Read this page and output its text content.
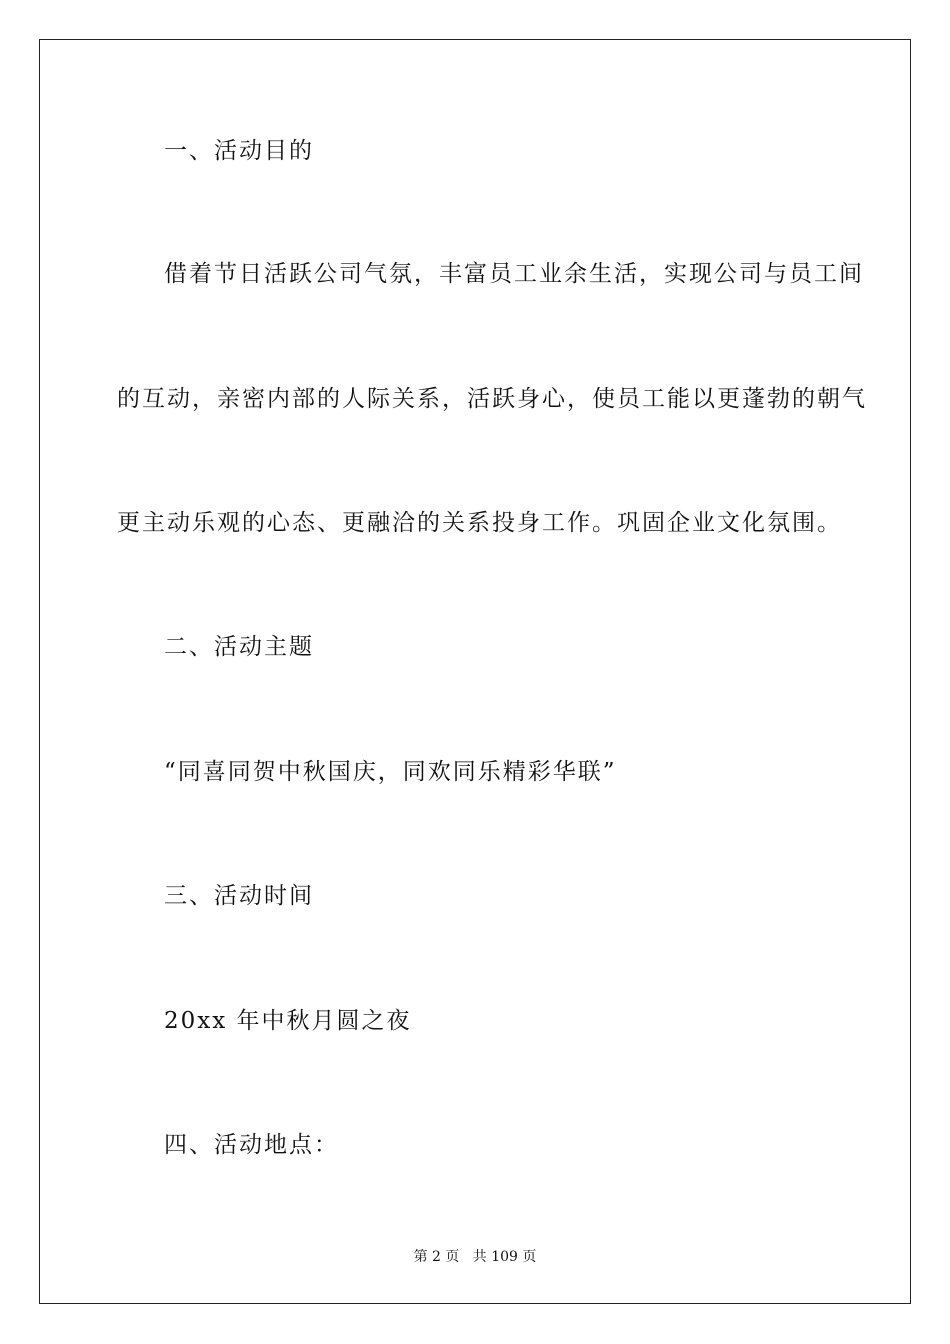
一、活动目的
借着节日活跃公司气氛，丰富员工业余生活，实现公司与员工间
的互动，亲密内部的人际关系，活跃身心，使员工能以更蓬勃的朝气
更主动乐观的心态、更融洽的关系投身工作。巩固企业文化氛围。
二、活动主题
“同喜同贺中秋国庆，同欢同乐精彩华联”
三、活动时间
20xx 年中秋月圆之夜
四、活动地点：
第 2 页   共 109 页
